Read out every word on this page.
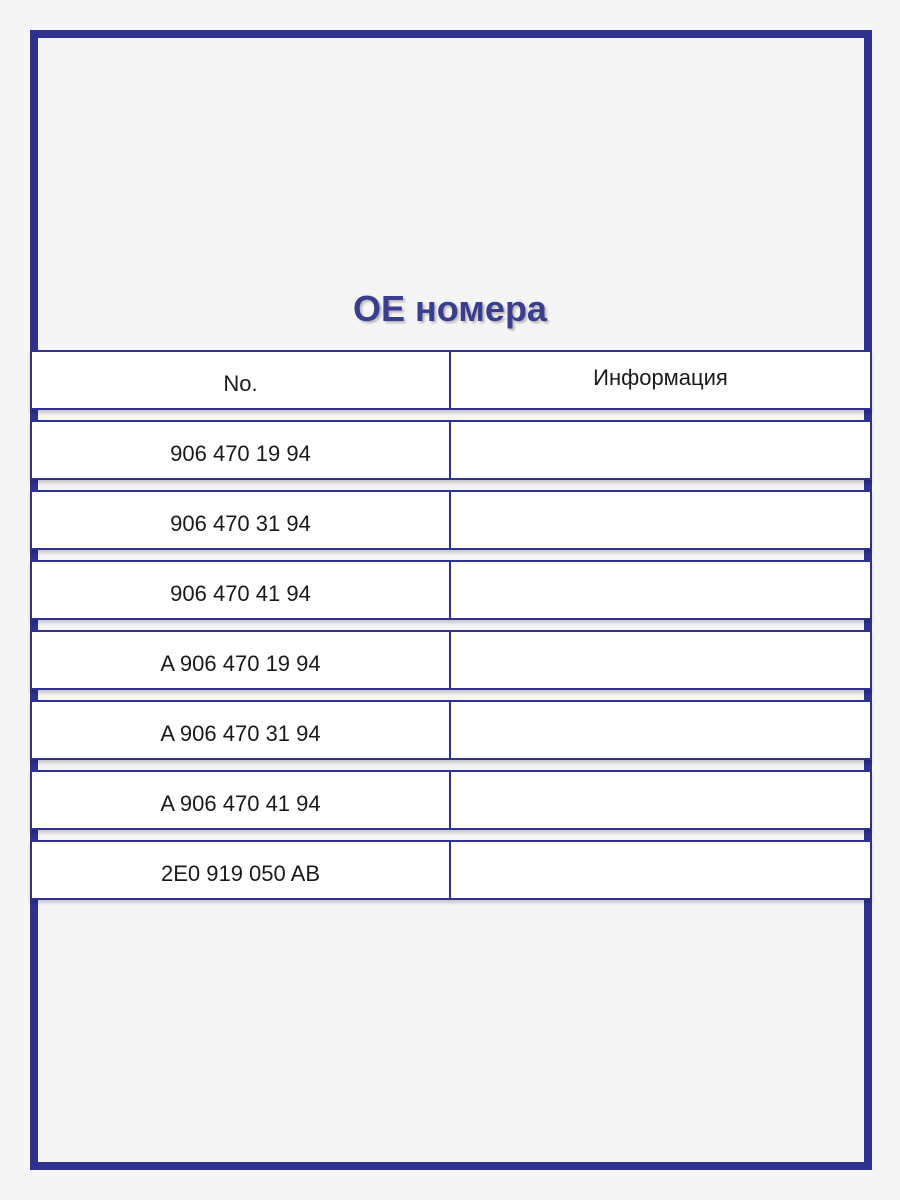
ОЕ номера
No.	Информация
906 470 19 94
906 470 31 94
906 470 41 94
A 906 470 19 94
A 906 470 31 94
A 906 470 41 94
2E0 919 050 AB
